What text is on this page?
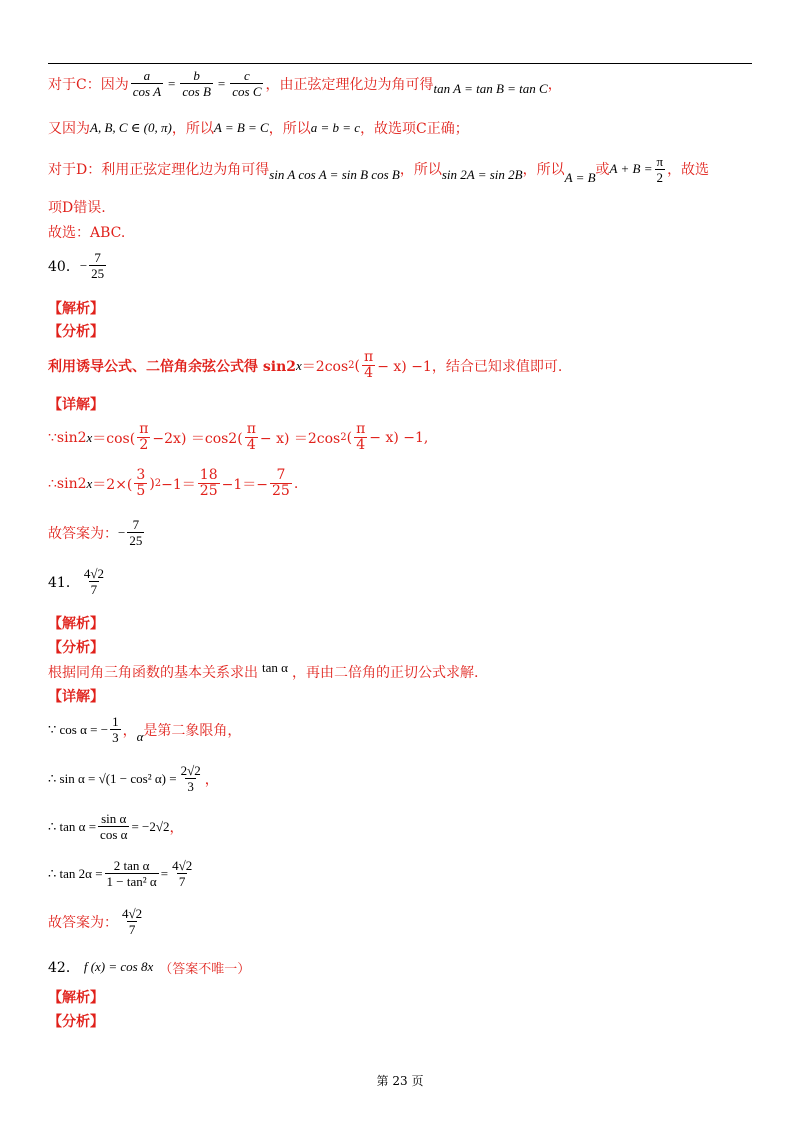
对于C：因为 $\frac{a}{\text{cos A}} = \frac{b}{\text{cos B}} = \frac{c}{\text{cos C}}$ ，由正弦定理化边为角可得 tan A = tan B = tan C ，
又因为 A, B, C ∈ (0, π) ，所以 A = B = C ，所以 a = b = c ，故选项C正确；
对于D：利用正弦定理化边为角可得 sin A cos A = sin B cos B ，所以 sin 2A = sin 2B ，所以 A = B 或 $A + B = \frac{\pi}{2}$ ，故选
项D错误.
故选：ABC.
40． − $\frac{7}{25}$
【解析】
【分析】
利用诱导公式、二倍角余弦公式得 sin2 x ＝2cos 2 ( $\frac{\pi}{4} - x) -1$，结合已知求值即可.
【详解】
∵sin2 $x =\cos( \frac{\pi}{2} -2x) =\cos 2( \frac{\pi}{4} - x) =2\cos$ 2 ( $\frac{\pi}{4} - x) -1$,
∴sin2 $x =2\times( \frac{3}{5}$ ) $2 -1= \frac{18}{25} -1=- \frac{7}{25}$ .
故答案为： − $\frac{7}{25}$
41． $\frac{4√2}{7}$
【解析】
【分析】
根据同角三角函数的基本关系求出 tan α ，再由二倍角的正切公式求解.
【详解】
∵ cos α = − $\frac{1}{3}$ ， α 是第二象限角，
∴ sin α = √(1 − cos² $\alpha) = \frac{2√2}{3}$ ，
∴ $\tan \alpha = \frac{\text{sin α}}{\text{cos α}} = -2√2$ ，
∴ $\tan 2\alpha = \frac{\text{2 tan α}}{\text{1 − tan² α}} = \frac{4√2}{7}$
故答案为： $\frac{4√2}{7}$
42． f (x) = cos 8x （答案不唯一）
【解析】
【分析】
第 23 页
